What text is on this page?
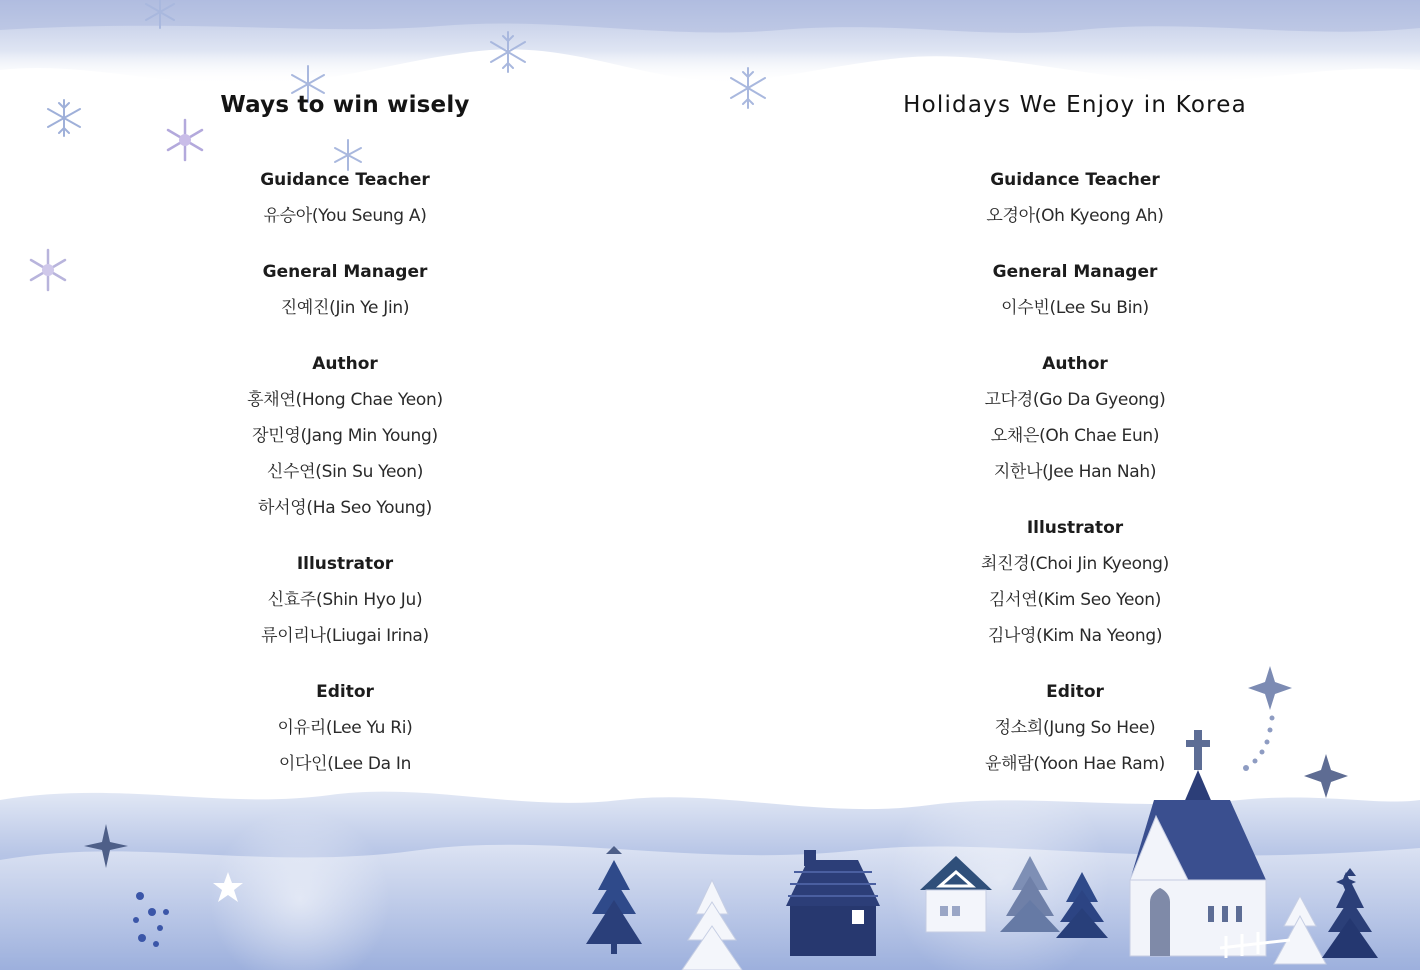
Ways to win wisely
Guidance Teacher
유승아(You Seung A)
General Manager
진예진(Jin Ye Jin)
Author
홍채연(Hong Chae Yeon)
장민영(Jang Min Young)
신수연(Sin Su Yeon)
하서영(Ha Seo Young)
Illustrator
신효주(Shin Hyo Ju)
류이리나(Liugai Irina)
Editor
이유리(Lee Yu Ri)
이다인(Lee Da In
Holidays We Enjoy in Korea
Guidance Teacher
오경아(Oh Kyeong Ah)
General Manager
이수빈(Lee Su Bin)
Author
고다경(Go Da Gyeong)
오채은(Oh Chae Eun)
지한나(Jee Han Nah)
Illustrator
최진경(Choi Jin Kyeong)
김서연(Kim Seo Yeon)
김나영(Kim Na Yeong)
Editor
정소희(Jung So Hee)
윤해람(Yoon Hae Ram)
